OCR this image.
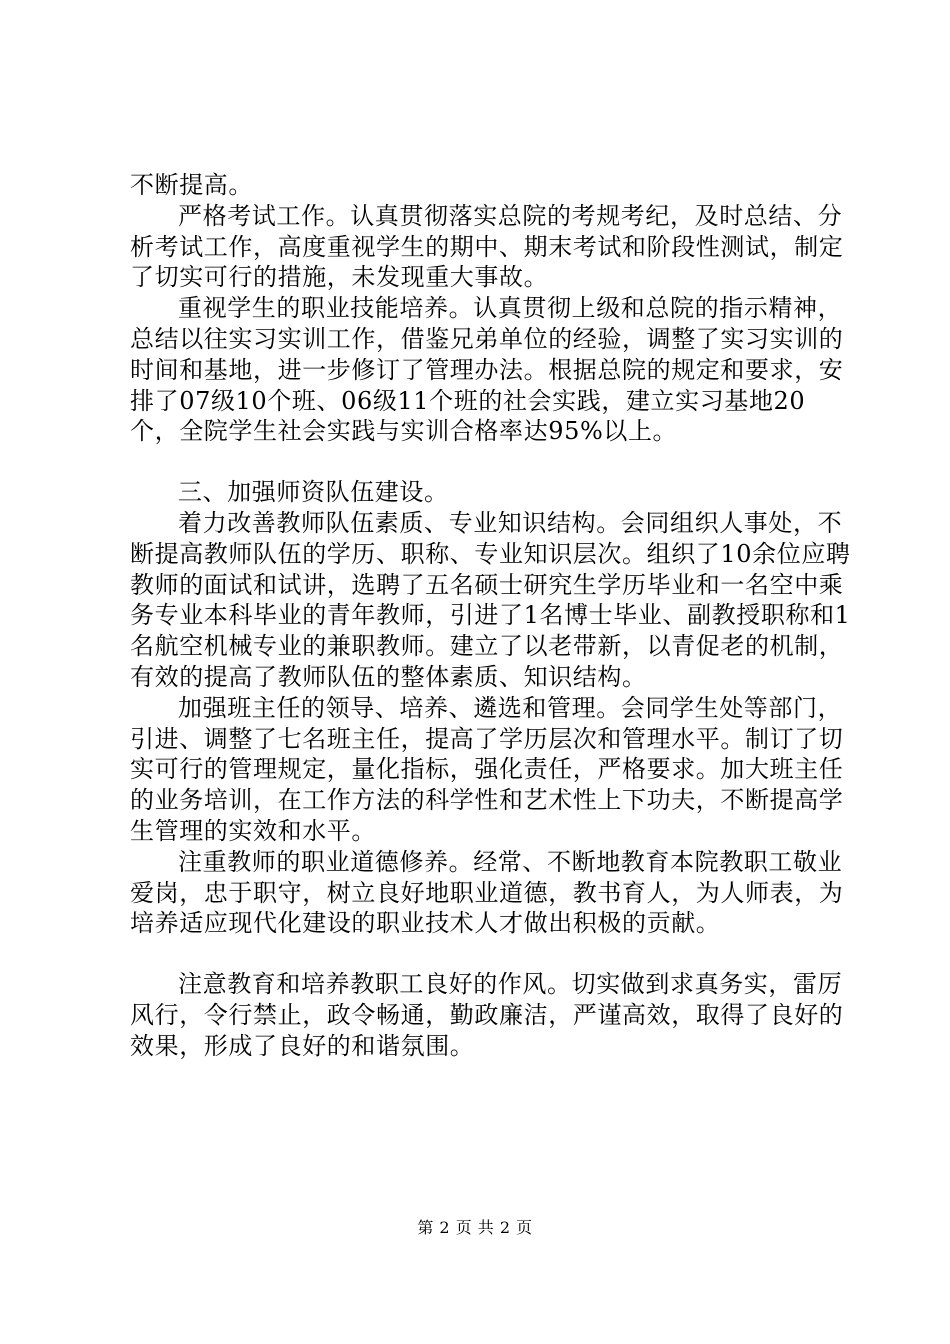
不断提高。

严格考试工作。认真贯彻落实总院的考规考纪，及时总结、分析考试工作，高度重视学生的期中、期末考试和阶段性测试，制定了切实可行的措施，未发现重大事故。

重视学生的职业技能培养。认真贯彻上级和总院的指示精神，总结以往实习实训工作，借鉴兄弟单位的经验，调整了实习实训的时间和基地，进一步修订了管理办法。根据总院的规定和要求，安排了07级10个班、06级11个班的社会实践，建立实习基地20个，全院学生社会实践与实训合格率达95%以上。

三、加强师资队伍建设。

着力改善教师队伍素质、专业知识结构。会同组织人事处，不断提高教师队伍的学历、职称、专业知识层次。组织了10余位应聘教师的面试和试讲，选聘了五名硕士研究生学历毕业和一名空中乘务专业本科毕业的青年教师，引进了1名博士毕业、副教授职称和1名航空机械专业的兼职教师。建立了以老带新，以青促老的机制，有效的提高了教师队伍的整体素质、知识结构。

加强班主任的领导、培养、遴选和管理。会同学生处等部门，引进、调整了七名班主任，提高了学历层次和管理水平。制订了切实可行的管理规定，量化指标，强化责任，严格要求。加大班主任的业务培训，在工作方法的科学性和艺术性上下功夫，不断提高学生管理的实效和水平。

注重教师的职业道德修养。经常、不断地教育本院教职工敬业爱岗，忠于职守，树立良好地职业道德，教书育人，为人师表，为培养适应现代化建设的职业技术人才做出积极的贡献。

注意教育和培养教职工良好的作风。切实做到求真务实，雷厉风行，令行禁止，政令畅通，勤政廉洁，严谨高效，取得了良好的效果，形成了良好的和谐氛围。

第 2 页 共 2 页
